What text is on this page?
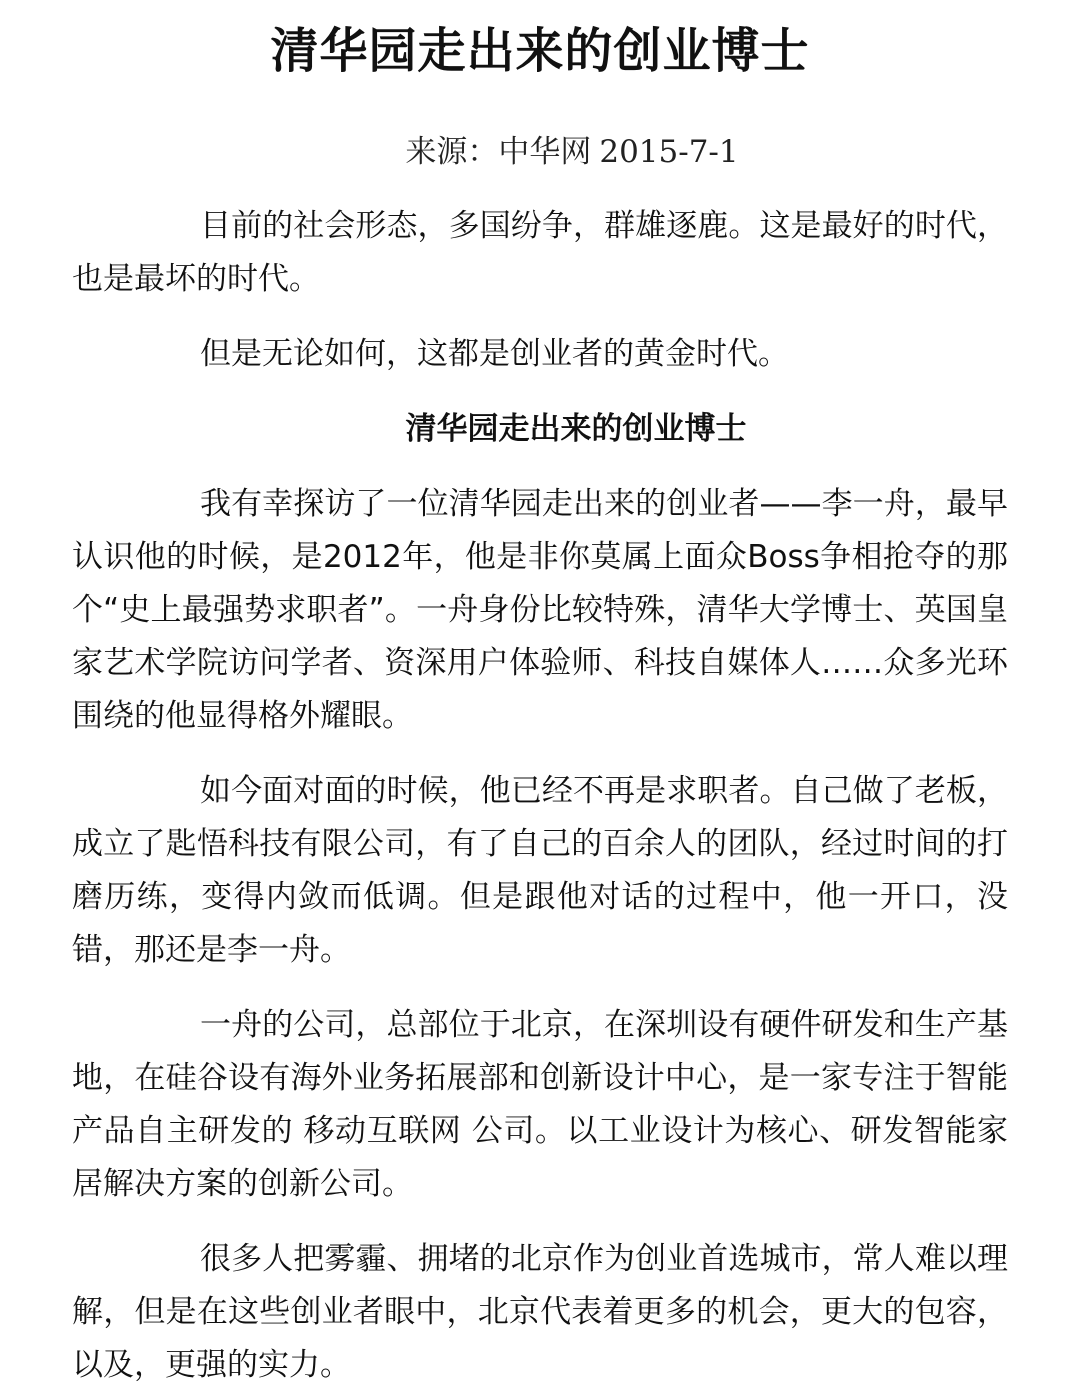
清华园走出来的创业博士
来源：中华网 2015-7-1

目前的社会形态，多国纷争，群雄逐鹿。这是最好的时代，也是最坏的时代。

但是无论如何，这都是创业者的黄金时代。

清华园走出来的创业博士

我有幸探访了一位清华园走出来的创业者——李一舟，最早认识他的时候，是2012年，他是非你莫属上面众Boss争相抢夺的那个“史上最强势求职者”。一舟身份比较特殊，清华大学博士、英国皇家艺术学院访问学者、资深用户体验师、科技自媒体人……众多光环围绕的他显得格外耀眼。

如今面对面的时候，他已经不再是求职者。自己做了老板，成立了匙悟科技有限公司，有了自己的百余人的团队，经过时间的打磨历练，变得内敛而低调。但是跟他对话的过程中，他一开口，没错，那还是李一舟。

一舟的公司，总部位于北京，在深圳设有硬件研发和生产基地，在硅谷设有海外业务拓展部和创新设计中心，是一家专注于智能产品自主研发的 移动互联网 公司。以工业设计为核心、研发智能家居解决方案的创新公司。

很多人把雾霾、拥堵的北京作为创业首选城市，常人难以理解，但是在这些创业者眼中，北京代表着更多的机会，更大的包容，以及，更强的实力。
